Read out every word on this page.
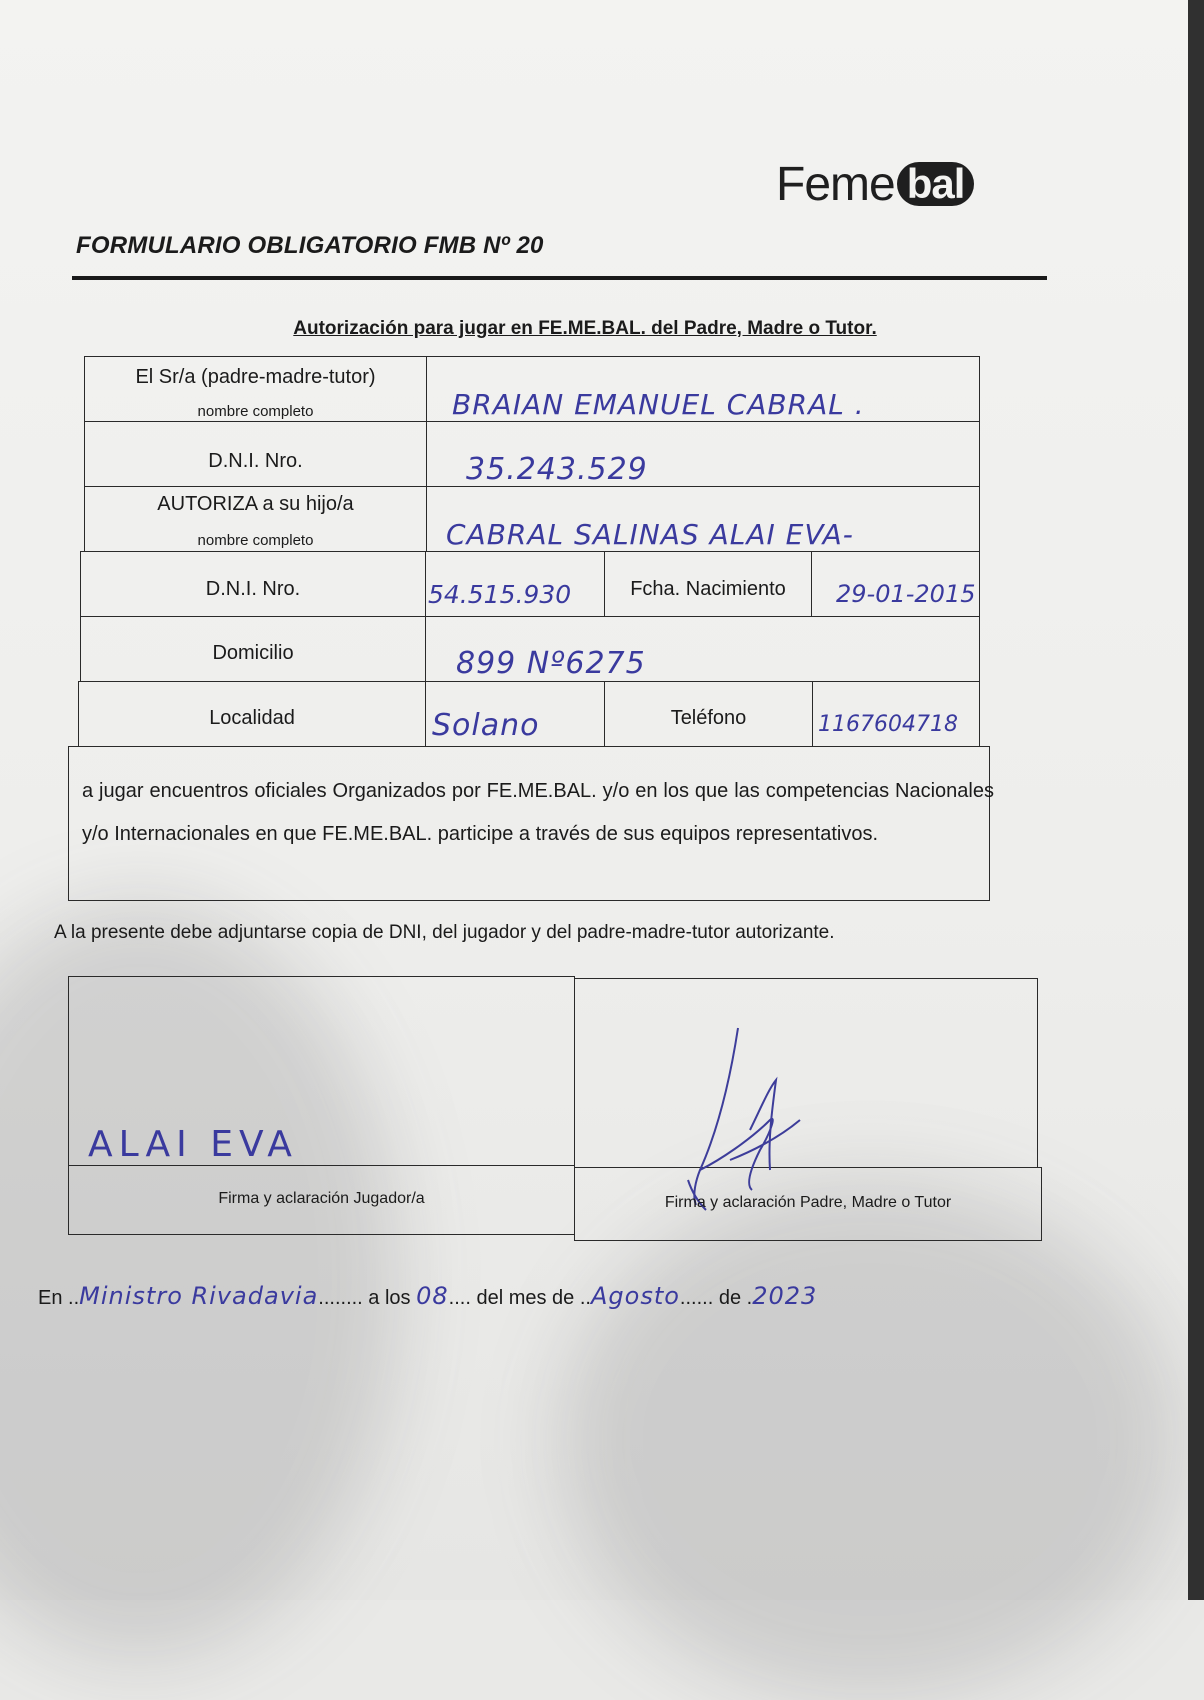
Feme bal
FORMULARIO OBLIGATORIO FMB Nº 20
Autorización para jugar en FE.ME.BAL. del Padre, Madre o Tutor.
El Sr/a (padre-madre-tutor)
nombre completo	BRAIAN EMANUEL CABRAL .
D.N.I. Nro.	35.243.529
AUTORIZA a su hijo/a
nombre completo	CABRAL SALINAS ALAI EVA-
D.N.I. Nro.	54.515.930	Fcha. Nacimiento	29-01-2015
Domicilio	899 Nº6275
Localidad	Solano	Teléfono	1167604718
a jugar encuentros oficiales Organizados por FE.ME.BAL. y/o en los que las competencias Nacionales y/o Internacionales en que FE.ME.BAL. participe a través de sus equipos representativos.
A la presente debe adjuntarse copia de DNI, del jugador y del padre-madre-tutor autorizante.
ALAI EVA
Firma y aclaración Jugador/a	Firma y aclaración Padre, Madre o Tutor
En ..Ministro Rivadavia........ a los 08.... del mes de ..Agosto...... de .2023
